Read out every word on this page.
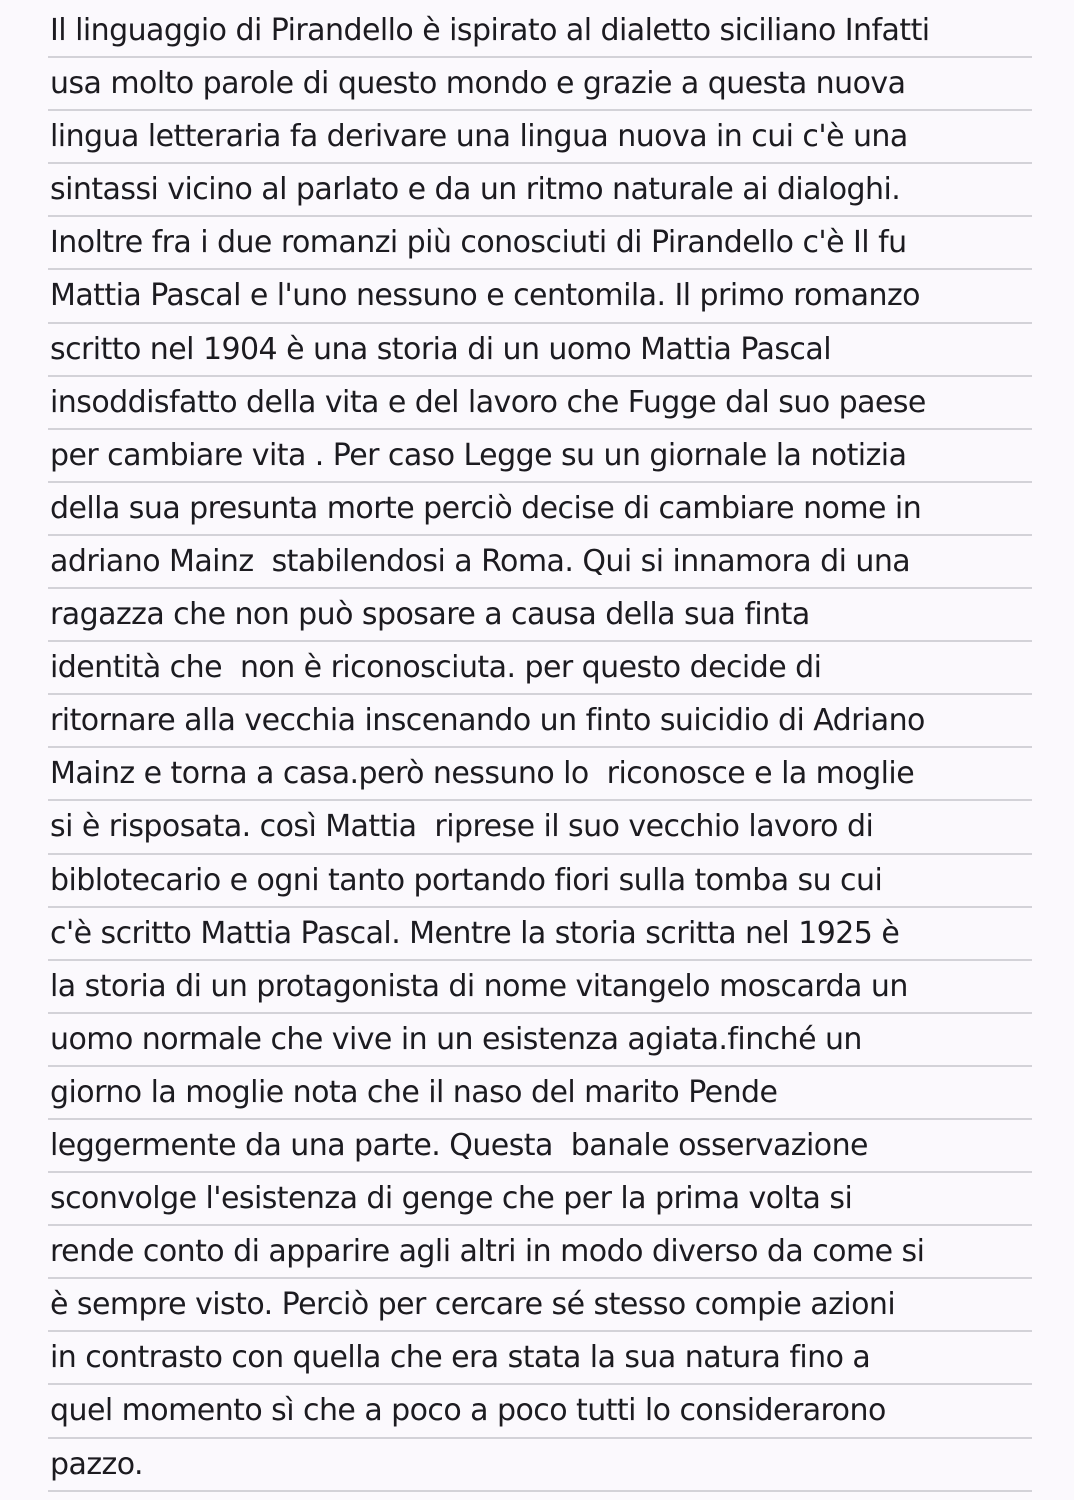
Il linguaggio di Pirandello è ispirato al dialetto siciliano Infatti
usa molto parole di questo mondo e grazie a questa nuova
lingua letteraria fa derivare una lingua nuova in cui c'è una
sintassi vicino al parlato e da un ritmo naturale ai dialoghi.
Inoltre fra i due romanzi più conosciuti di Pirandello c'è Il fu
Mattia Pascal e l'uno nessuno e centomila. Il primo romanzo
scritto nel 1904 è una storia di un uomo Mattia Pascal
insoddisfatto della vita e del lavoro che Fugge dal suo paese
per cambiare vita . Per caso Legge su un giornale la notizia
della sua presunta morte perciò decise di cambiare nome in
adriano Mainz  stabilendosi a Roma. Qui si innamora di una
ragazza che non può sposare a causa della sua finta
identità che  non è riconosciuta. per questo decide di
ritornare alla vecchia inscenando un finto suicidio di Adriano
Mainz e torna a casa.però nessuno lo  riconosce e la moglie
si è risposata. così Mattia  riprese il suo vecchio lavoro di
biblotecario e ogni tanto portando fiori sulla tomba su cui
c'è scritto Mattia Pascal. Mentre la storia scritta nel 1925 è
la storia di un protagonista di nome vitangelo moscarda un
uomo normale che vive in un esistenza agiata.finché un
giorno la moglie nota che il naso del marito Pende
leggermente da una parte. Questa  banale osservazione
sconvolge l'esistenza di genge che per la prima volta si
rende conto di apparire agli altri in modo diverso da come si
è sempre visto. Perciò per cercare sé stesso compie azioni
in contrasto con quella che era stata la sua natura fino a
quel momento sì che a poco a poco tutti lo considerarono
pazzo.
